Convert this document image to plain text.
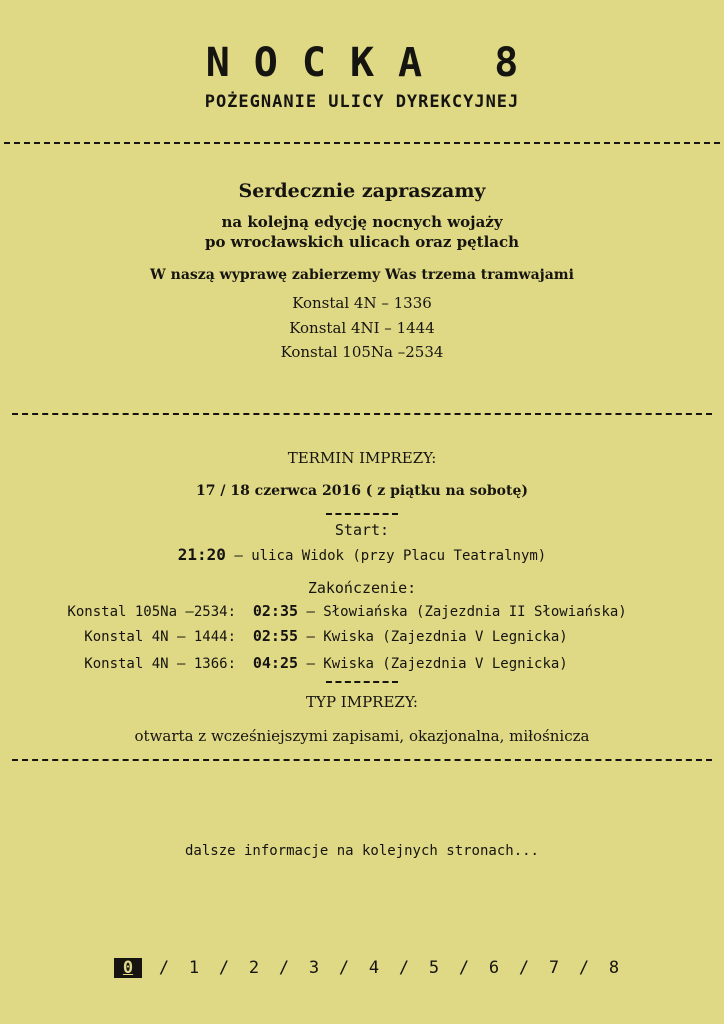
NOCKA 8
POŻEGNANIE ULICY DYREKCYJNEJ
Serdecznie zapraszamy
na kolejną edycję nocnych wojaży
po wrocławskich ulicach oraz pętlach
W naszą wyprawę zabierzemy Was trzema tramwajami
Konstal 4N – 1336
Konstal 4NI – 1444
Konstal 105Na –2534
TERMIN IMPREZY:
17 / 18 czerwca 2016 ( z piątku na sobotę)
Start:
21:20 – ulica Widok (przy Placu Teatralnym)
Zakończenie:
Konstal 105Na –2534: 02:35 – Słowiańska (Zajezdnia II Słowiańska)
Konstal 4N – 1444: 02:55 – Kwiska (Zajezdnia V Legnicka)
Konstal 4N – 1366: 04:25 – Kwiska (Zajezdnia V Legnicka)
TYP IMPREZY:
otwarta z wcześniejszymi zapisami, okazjonalna, miłośnicza
dalsze informacje na kolejnych stronach...
0 / 1 / 2 / 3 / 4 / 5 / 6 / 7 / 8
